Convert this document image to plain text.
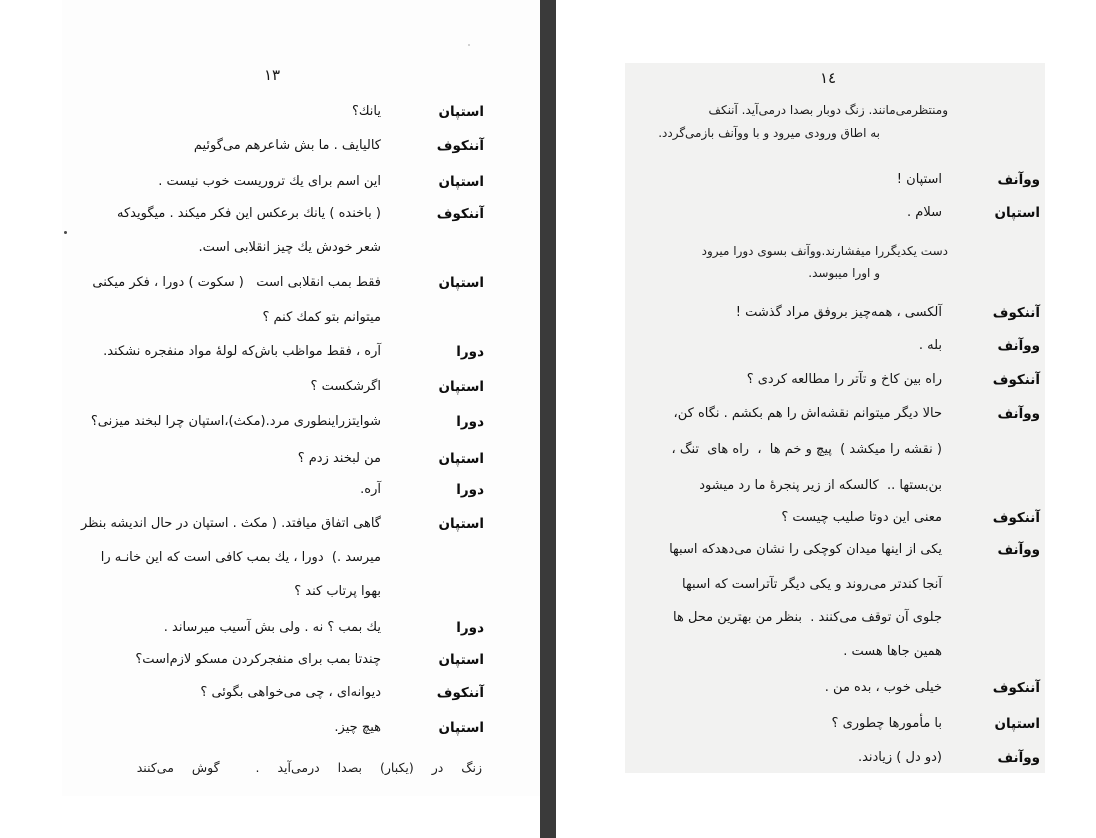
۱۳
استپان
یانك؟
آننکوف
کالیایف . ما بش شاعرهم می‌گوئیم
استپان
این اسم برای یك تروریست خوب نیست .
آننکوف
( باخنده ) یانك برعکس این فکر میکند . میگویدکه
شعر خودش یك چیز انقلابی است.
استپان
فقط بمب انقلابی است   ( سکوت ) دورا ، فکر میکنی
میتوانم بتو کمك کنم ؟
دورا
آره ، فقط مواظب باش‌که لولهٔ مواد منفجره نشکند.
استپان
اگرشکست ؟
دورا
شوایتزراینطوری مرد.(مکث)،استپان چرا لبخند میزنی؟
استپان
من لبخند زدم ؟
دورا
آره.
استپان
گاهی اتفاق میافتد. ( مکث . استپان در حال اندیشه بنظر
میرسد .)  دورا ، یك بمب کافی است که این خانـه را
بهوا پرتاب کند ؟
دورا
یك بمب ؟ نه . ولی بش آسیب میرساند .
استپان
چندتا بمب برای منفجرکردن مسکو لازم‌است؟
آننکوف
دیوانه‌ای ، چی می‌خواهی بگوئی ؟
استپان
هیچ چیز.
زنگ در (یکبار) بصدا درمی‌آید .  گوش می‌کنند
۱٤
ومنتظرمی‌مانند. زنگ دوبار بصدا درمی‌آید. آننکف
به اطاق ورودی میرود و با ووآنف بازمی‌گردد.
ووآنف
استپان !
استپان
سلام .
دست یکدیگررا میفشارند.ووآنف بسوی دورا میرود
و اورا میبوسد.
آننکوف
آلکسی ، همه‌چیز بروفق مراد گذشت !
ووآنف
بله .
آننکوف
راه بین کاخ و تآتر را مطالعه کردی ؟
ووآنف
حالا دیگر میتوانم نقشه‌اش را هم بکشم . نگاه کن،
( نقشه را میکشد )  پیچ و خم ها  ،  راه های  تنگ ،
بن‌بستها ..  کالسکه از زیر پنجرهٔ ما رد میشود
آننکوف
معنی این دوتا صلیب چیست ؟
ووآنف
یکی از اینها میدان کوچکی را نشان می‌دهدکه اسبها
آنجا کندتر می‌روند و یکی دیگر تآتراست که اسبها
جلوی آن توقف می‌کنند .  بنظر من بهترین محل ها
همین جاها هست .
آننکوف
خیلی خوب ، بده من .
استپان
با مأمورها چطوری ؟
ووآنف
(دو دل ) زیادند.
